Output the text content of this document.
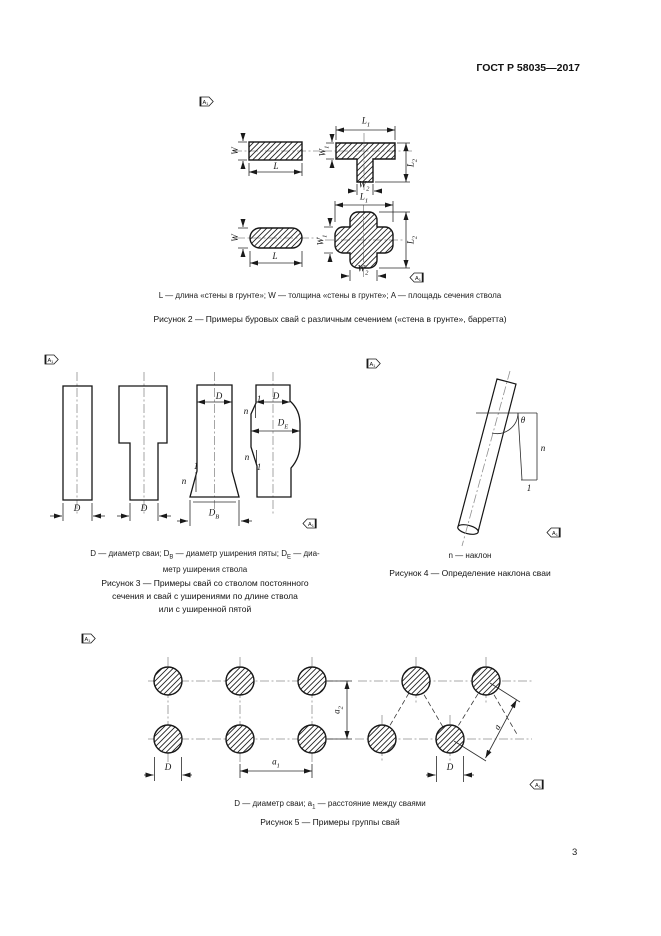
А1
А1
А1
А1
А1
А1
А1
А1
ГОСТ Р 58035—2017
3
W
L
$L_1$
$W_1$
$L_2$
$W_2$
W
L
$L_1$
$W_1$
$L_2$
$W_2$
D	D
D
$D_B$
n
1
D
$D_E$
n
1
n
1
θ
n
1
$a_2$
D
$a_1$
a
D
L — длина «стены в грунте»; W — толщина «стены в грунте»; A — площадь сечения ствола
Рисунок 2 — Примеры буровых свай с различным сечением («стена в грунте», барретта)
D — диаметр сваи; $D_B$ — диаметр уширения пяты; $D_E$ — диа-
метр уширения ствола
Рисунок 3 — Примеры свай со стволом постоянного
сечения и свай с уширениями по длине ствола
или с уширенной пятой
n — наклон
Рисунок 4 — Определение наклона сваи
D — диаметр сваи; $a_1$ — расстояние между сваями
Рисунок 5 — Примеры группы свай
